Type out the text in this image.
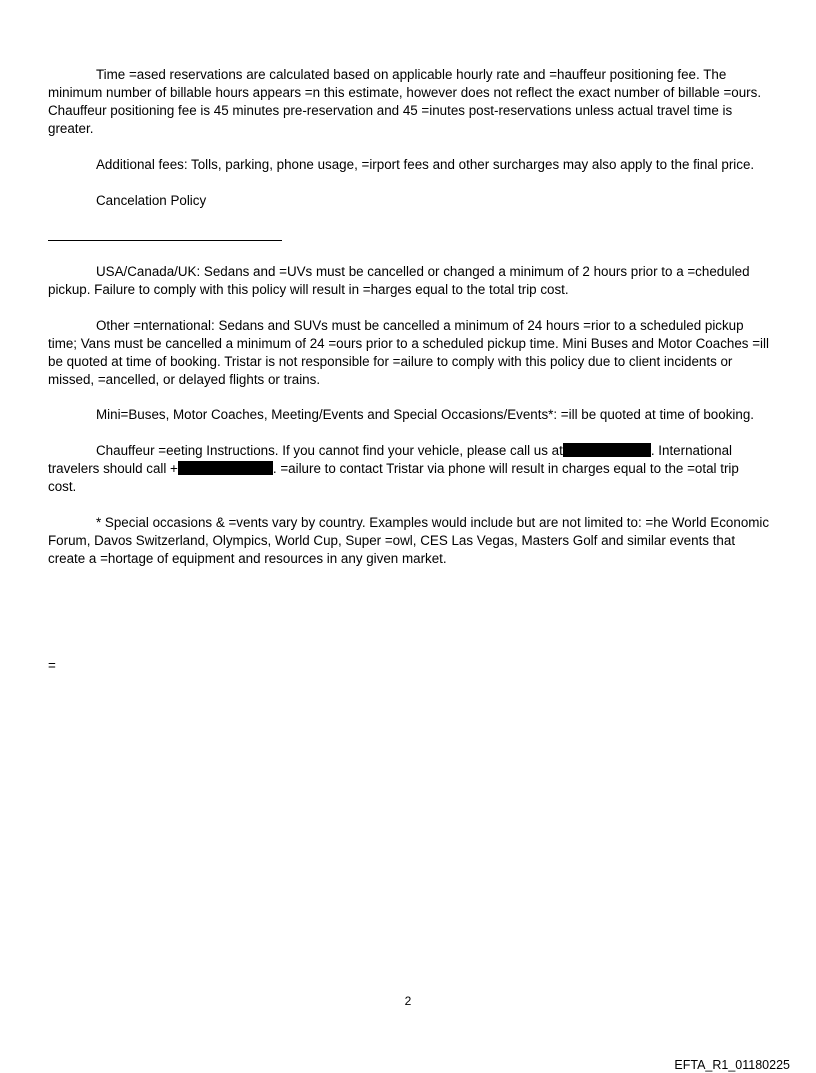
Time =ased reservations are calculated based on applicable hourly rate and =hauffeur positioning fee. The minimum number of billable hours appears =n this estimate, however does not reflect the exact number of billable =ours. Chauffeur positioning fee is 45 minutes pre-reservation and 45 =inutes post-reservations unless actual travel time is greater.

Additional fees: Tolls, parking, phone usage, =irport fees and other surcharges may also apply to the final price.

Cancelation Policy

USA/Canada/UK: Sedans and =UVs must be cancelled or changed a minimum of 2 hours prior to a =cheduled pickup. Failure to comply with this policy will result in =harges equal to the total trip cost.

Other =nternational: Sedans and SUVs must be cancelled a minimum of 24 hours =rior to a scheduled pickup time; Vans must be cancelled a minimum of 24 =ours prior to a scheduled pickup time. Mini Buses and Motor Coaches =ill be quoted at time of booking. Tristar is not responsible for =ailure to comply with this policy due to client incidents or missed, =ancelled, or delayed flights or trains.

Mini=Buses, Motor Coaches, Meeting/Events and Special Occasions/Events*: =ill be quoted at time of booking.

Chauffeur =eeting Instructions. If you cannot find your vehicle, please call us at	. International travelers should call +	. =ailure to contact Tristar via phone will result in charges equal to the =otal trip cost.

* Special occasions & =vents vary by country. Examples would include but are not limited to: =he World Economic Forum, Davos Switzerland, Olympics, World Cup, Super =owl, CES Las Vegas, Masters Golf and similar events that create a =hortage of equipment and resources in any given market.

=
2
EFTA_R1_01180225
